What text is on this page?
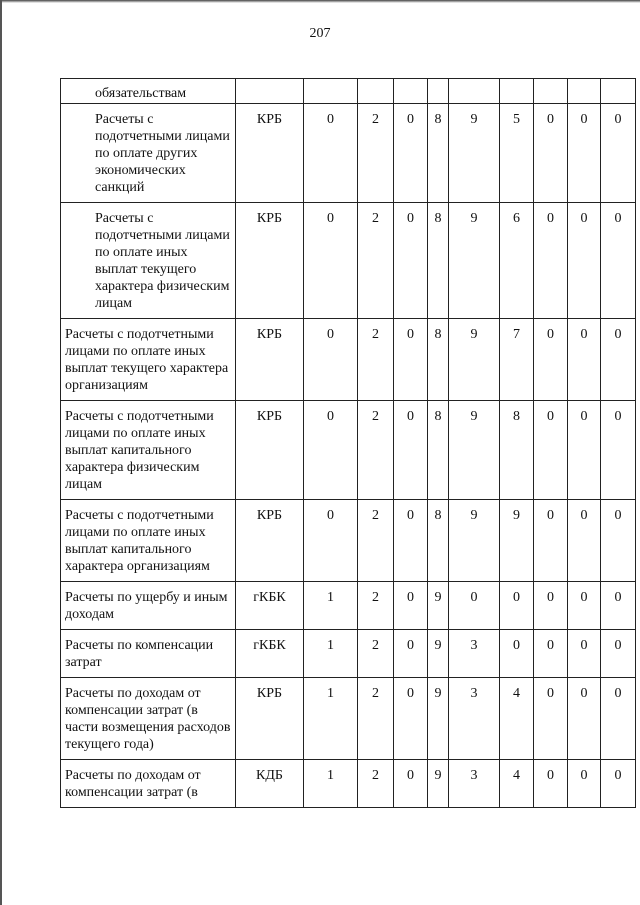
207
обязательствам										
Расчеты с подотчетными лицами по оплате других экономических санкций	КРБ	0	2	0	8	9	5	0	0	0
Расчеты с подотчетными лицами по оплате иных выплат текущего характера физическим лицам	КРБ	0	2	0	8	9	6	0	0	0
Расчеты с подотчетными лицами по оплате иных выплат текущего характера организациям	КРБ	0	2	0	8	9	7	0	0	0
Расчеты с подотчетными лицами по оплате иных выплат капитального характера физическим лицам	КРБ	0	2	0	8	9	8	0	0	0
Расчеты с подотчетными лицами по оплате иных выплат капитального характера организациям	КРБ	0	2	0	8	9	9	0	0	0
Расчеты по ущербу и иным доходам	гКБК	1	2	0	9	0	0	0	0	0
Расчеты по компенсации затрат	гКБК	1	2	0	9	3	0	0	0	0
Расчеты по доходам от компенсации затрат (в части возмещения расходов текущего года)	КРБ	1	2	0	9	3	4	0	0	0
Расчеты по доходам от компенсации затрат (в	КДБ	1	2	0	9	3	4	0	0	0
